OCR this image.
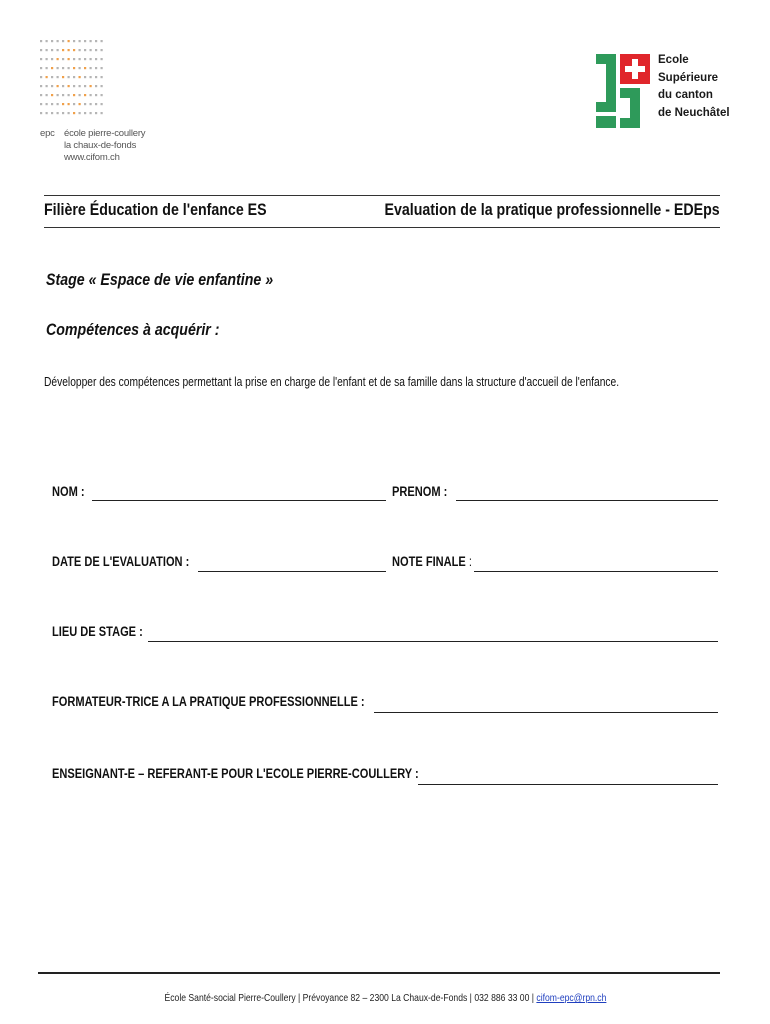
epc école pierre-coullery
la chaux-de-fonds
www.cifom.ch
Ecole
Supérieure
du canton
de Neuchâtel
Filière Éducation de l'enfance ES	Evaluation de la pratique professionnelle - EDEps
Stage « Espace de vie enfantine »
Compétences à acquérir :
Développer des compétences permettant la prise en charge de l'enfant et de sa famille dans la structure d'accueil de l'enfance.
NOM :	PRENOM :
DATE DE L'EVALUATION :	NOTE FINALE :
LIEU DE STAGE :
FORMATEUR-TRICE A LA PRATIQUE PROFESSIONNELLE :
ENSEIGNANT-E – REFERANT-E POUR L'ECOLE PIERRE-COULLERY :
École Santé-social Pierre-Coullery | Prévoyance 82 – 2300 La Chaux-de-Fonds | 032 886 33 00 | cifom-epc@rpn.ch
